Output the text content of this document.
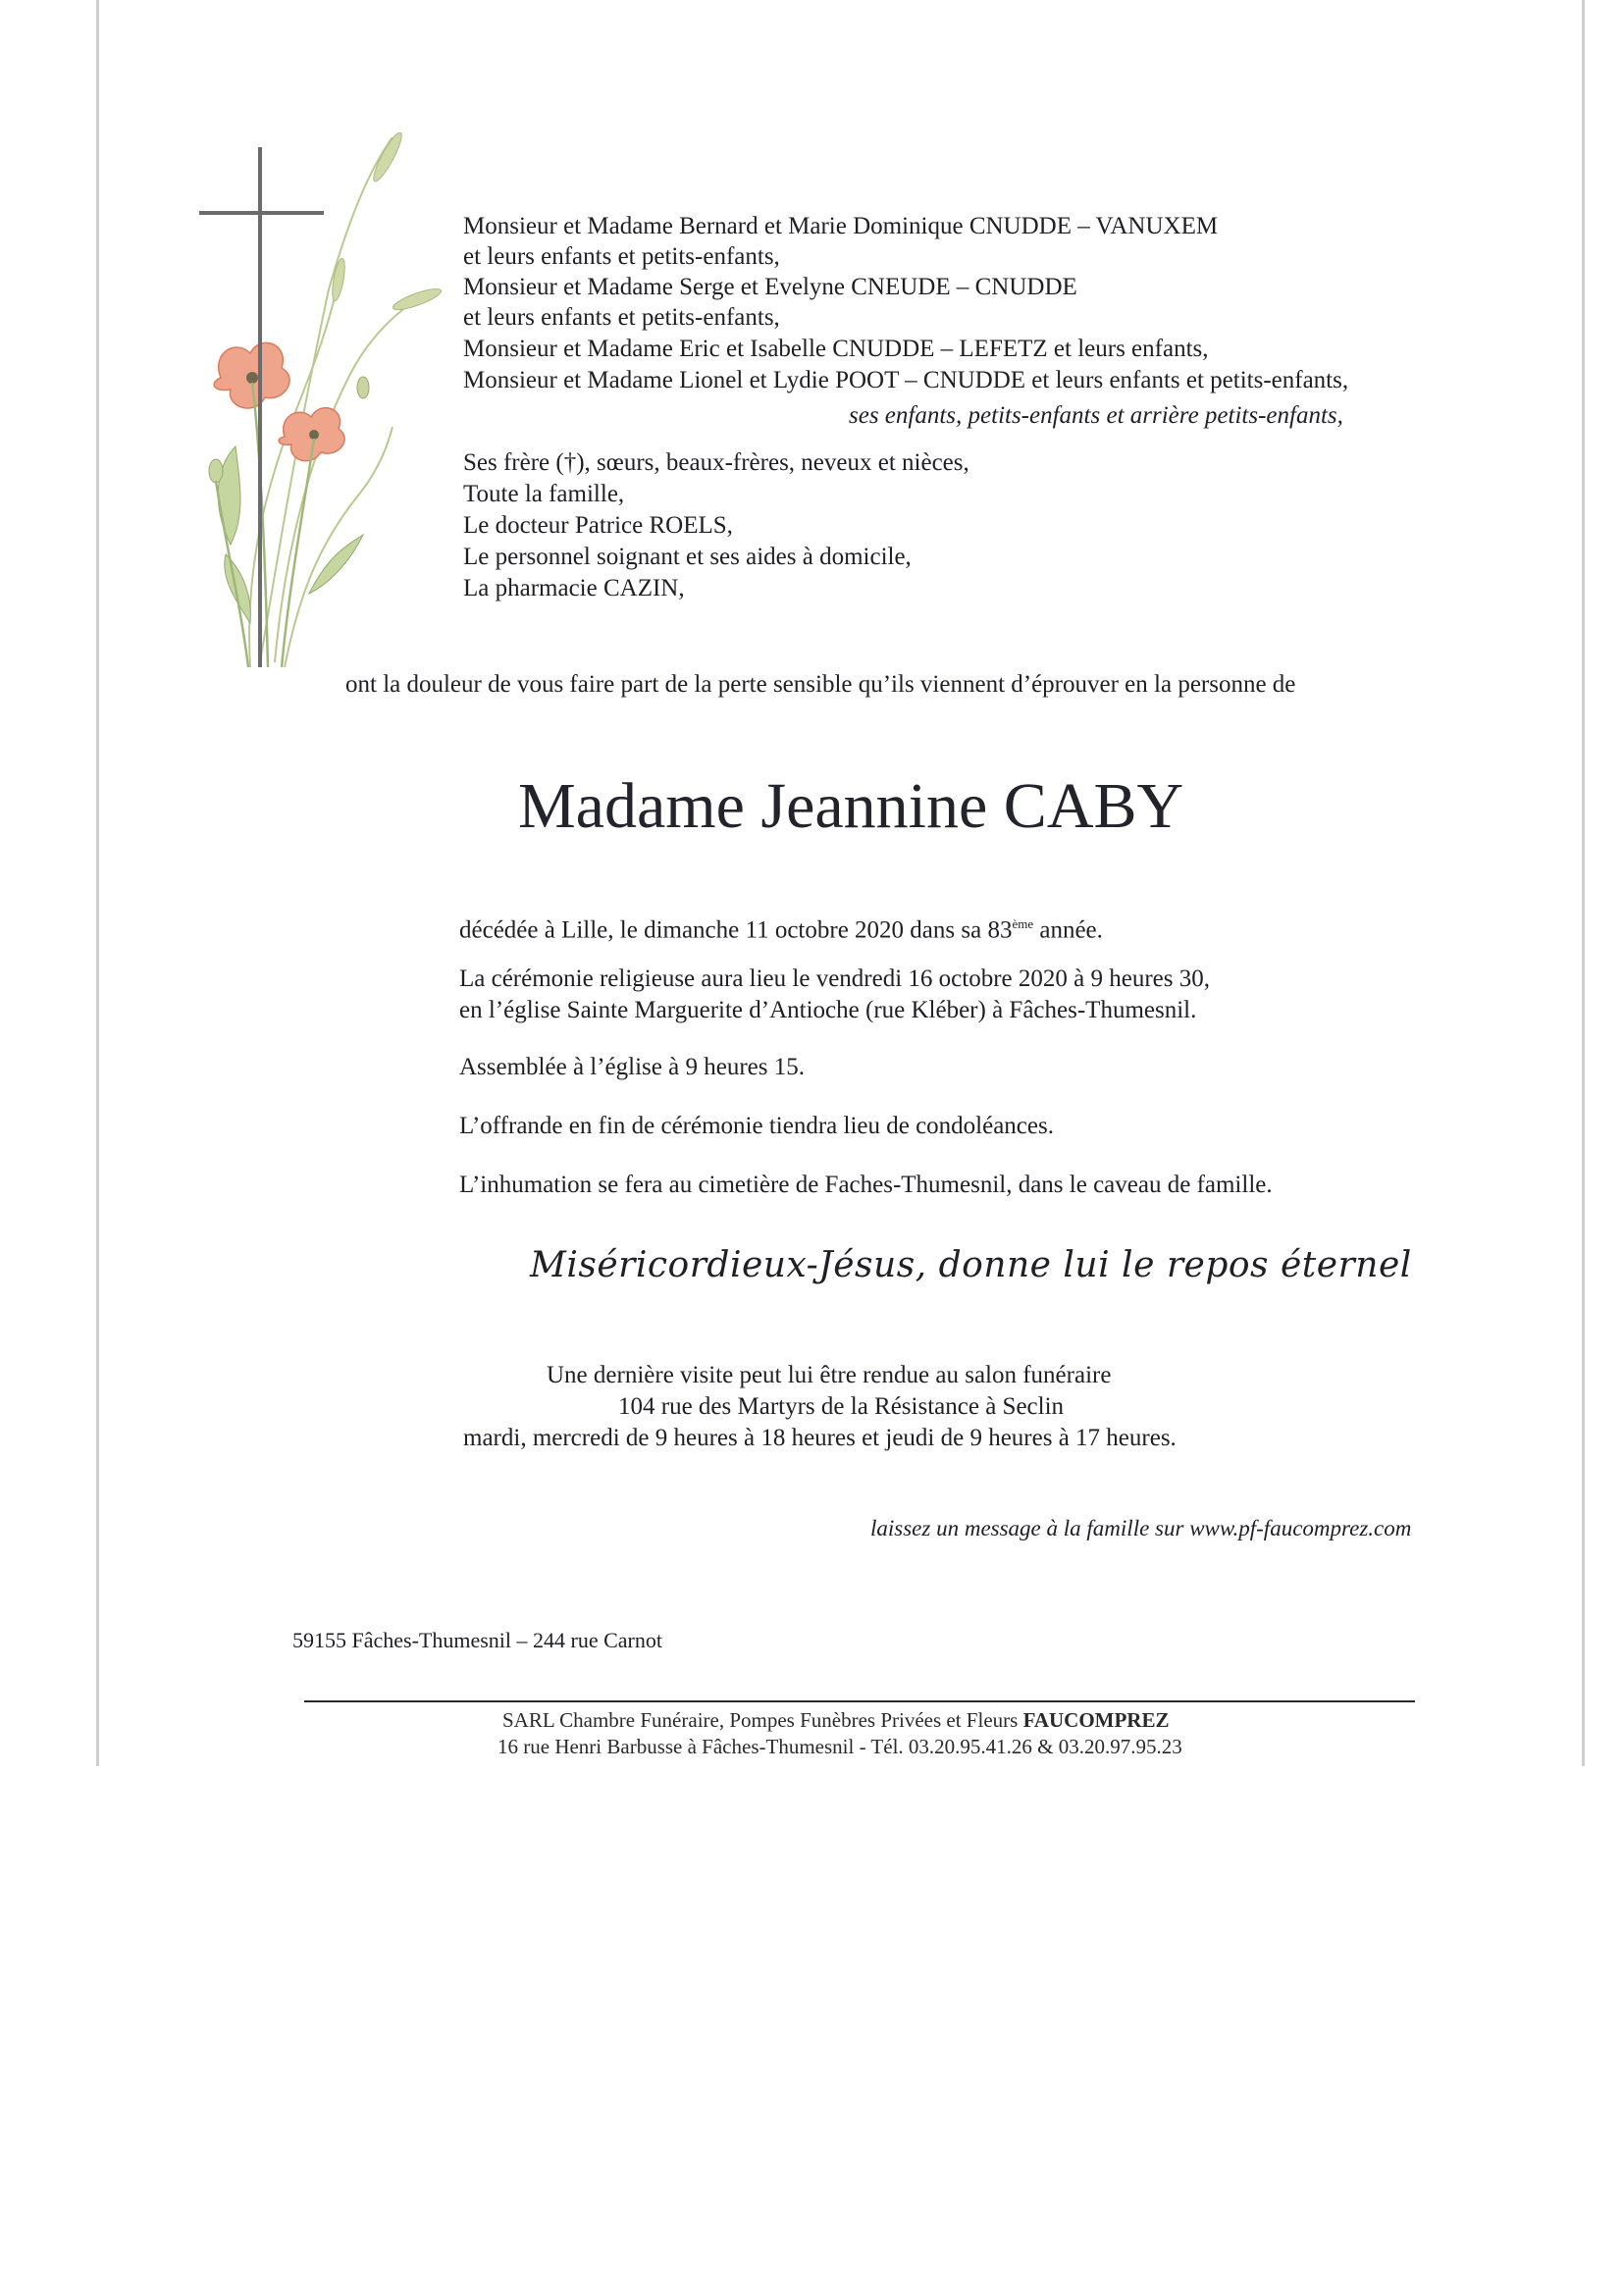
Monsieur et Madame Bernard et Marie Dominique CNUDDE – VANUXEM
et leurs enfants et petits-enfants,
Monsieur et Madame Serge et Evelyne CNEUDE – CNUDDE
et leurs enfants et petits-enfants,
Monsieur et Madame Eric et Isabelle CNUDDE – LEFETZ et leurs enfants,
Monsieur et Madame Lionel et Lydie POOT – CNUDDE et leurs enfants et petits-enfants,
ses enfants, petits-enfants et arrière petits-enfants,
Ses frère (†), sœurs, beaux-frères, neveux et nièces,
Toute la famille,
Le docteur Patrice ROELS,
Le personnel soignant et ses aides à domicile,
La pharmacie CAZIN,
ont la douleur de vous faire part de la perte sensible qu’ils viennent d’éprouver en la personne de
Madame Jeannine CABY
décédée à Lille, le dimanche 11 octobre 2020 dans sa 83ème année.
La cérémonie religieuse aura lieu le vendredi 16 octobre 2020 à 9 heures 30,
en l’église Sainte Marguerite d’Antioche (rue Kléber) à Fâches-Thumesnil.
Assemblée à l’église à 9 heures 15.
L’offrande en fin de cérémonie tiendra lieu de condoléances.
L’inhumation se fera au cimetière de Faches-Thumesnil, dans le caveau de famille.
Miséricordieux-Jésus, donne lui le repos éternel
Une dernière visite peut lui être rendue au salon funéraire
104 rue des Martyrs de la Résistance à Seclin
mardi, mercredi de 9 heures à 18 heures et jeudi de 9 heures à 17 heures.
laissez un message à la famille sur www.pf-faucomprez.com
59155 Fâches-Thumesnil – 244 rue Carnot
SARL Chambre Funéraire, Pompes Funèbres Privées et Fleurs FAUCOMPREZ
16 rue Henri Barbusse à Fâches-Thumesnil - Tél. 03.20.95.41.26 & 03.20.97.95.23
